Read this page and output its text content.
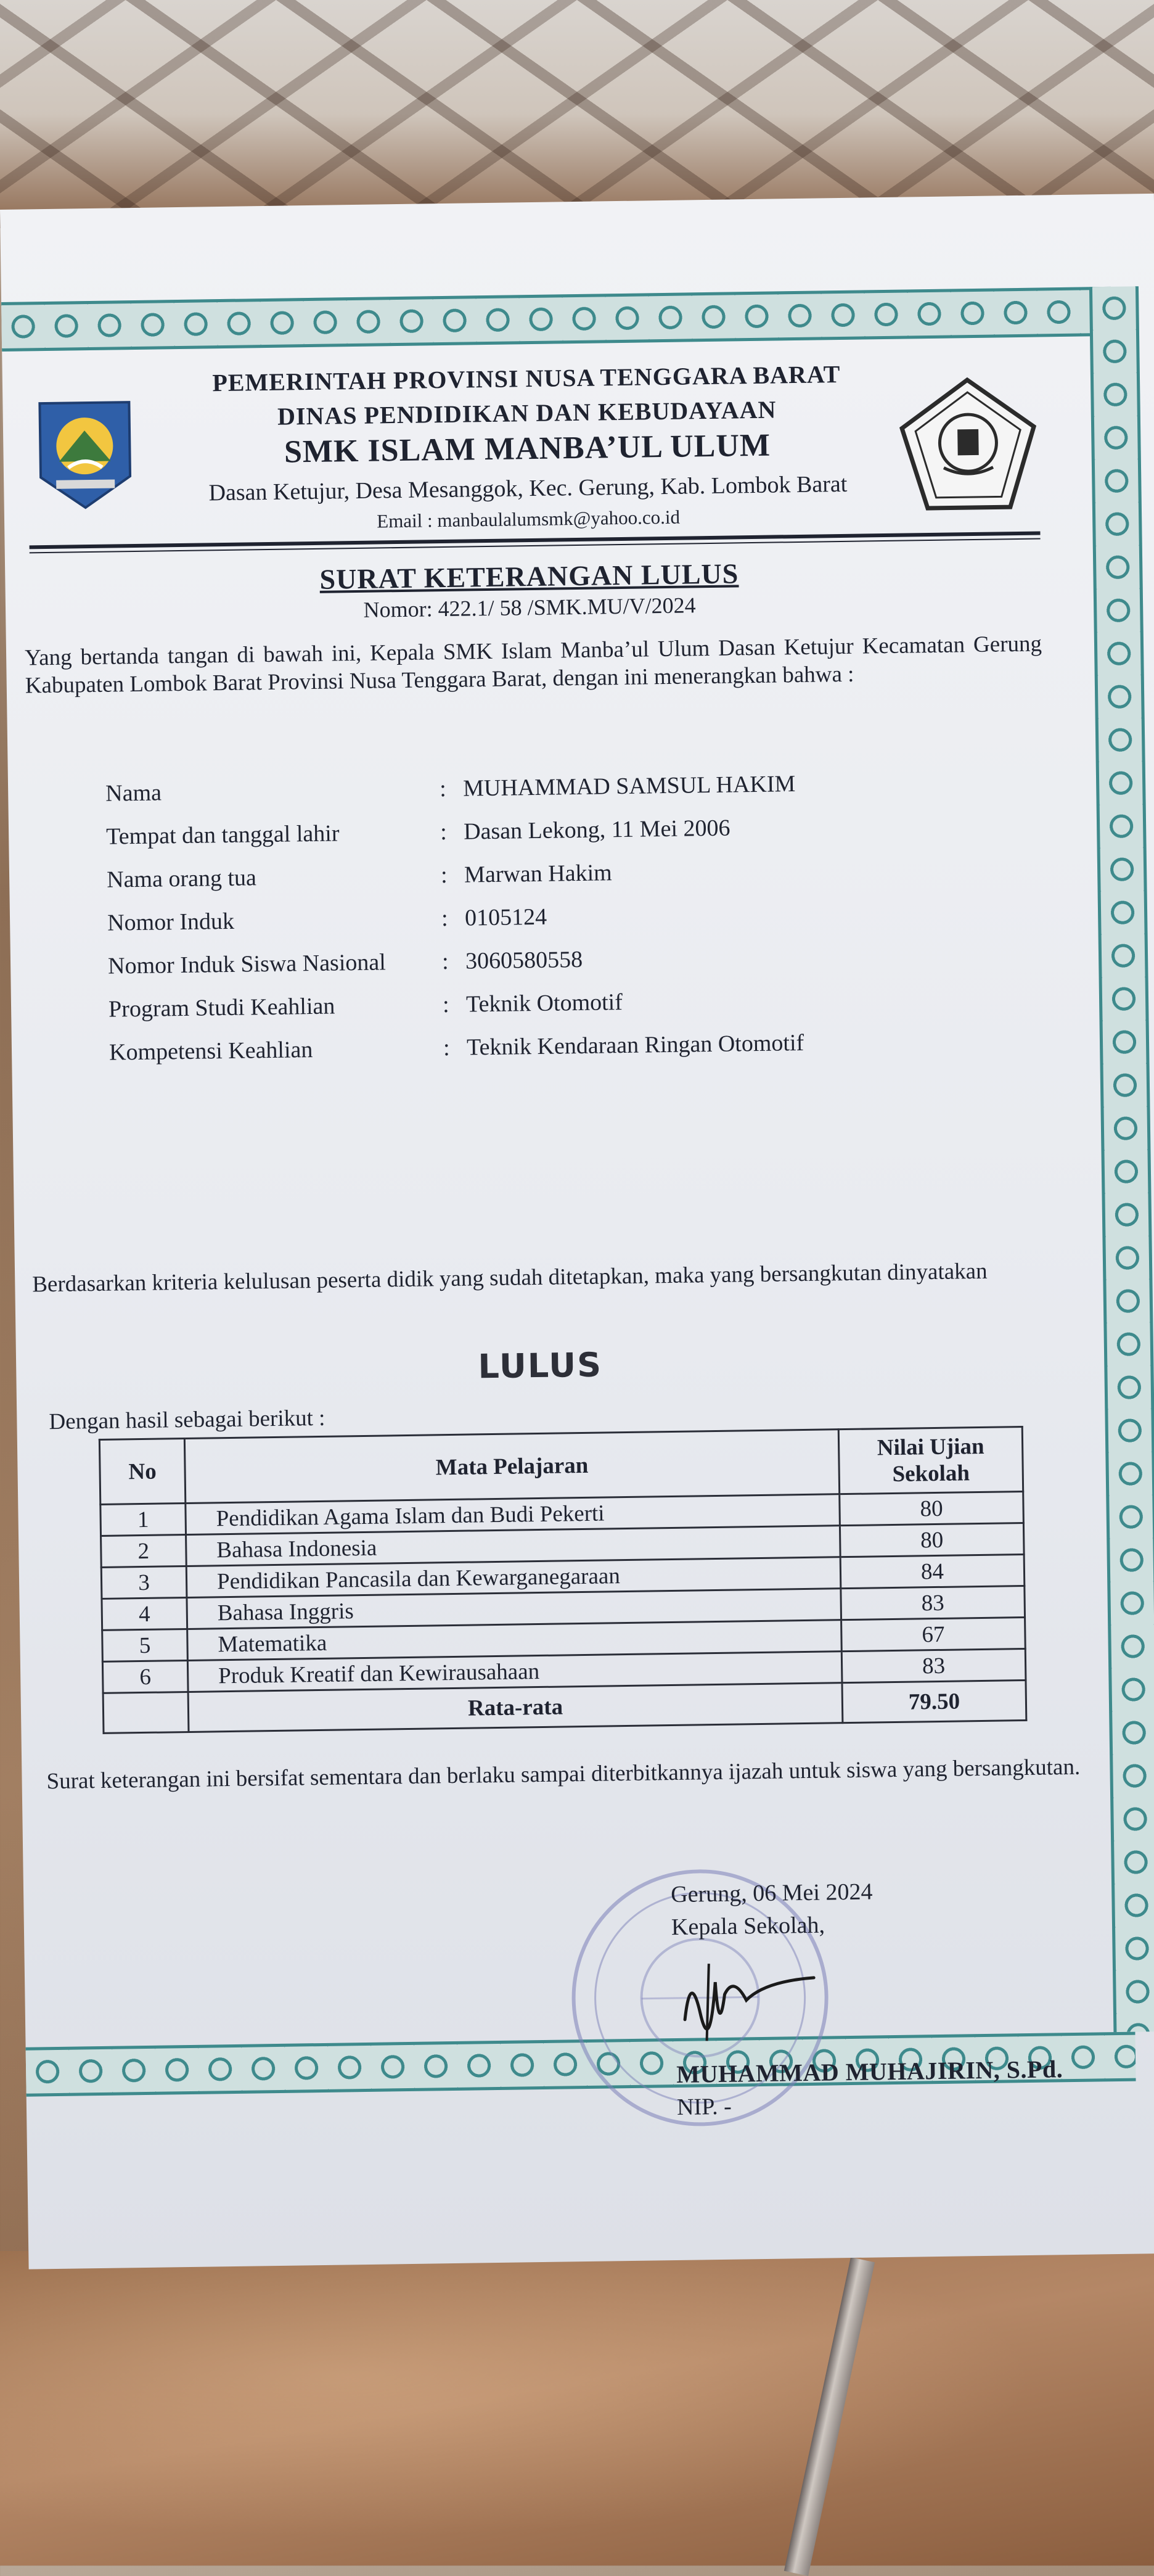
PEMERINTAH PROVINSI NUSA TENGGARA BARAT
DINAS PENDIDIKAN DAN KEBUDAYAAN
SMK ISLAM MANBA’UL ULUM
Dasan Ketujur, Desa Mesanggok, Kec. Gerung, Kab. Lombok Barat
Email : manbaulalumsmk@yahoo.co.id
SURAT KETERANGAN LULUS
Nomor: 422.1/ 58 /SMK.MU/V/2024
Yang bertanda tangan di bawah ini, Kepala SMK Islam Manba’ul Ulum Dasan Ketujur Kecamatan Gerung Kabupaten Lombok Barat Provinsi Nusa Tenggara Barat, dengan ini menerangkan bahwa :
Nama	: MUHAMMAD SAMSUL HAKIM
Tempat dan tanggal lahir	: Dasan Lekong, 11 Mei 2006
Nama orang tua	: Marwan Hakim
Nomor Induk	: 0105124
Nomor Induk Siswa Nasional : 3060580558
Program Studi Keahlian	: Teknik Otomotif
Kompetensi Keahlian	: Teknik Kendaraan Ringan Otomotif
Berdasarkan kriteria kelulusan peserta didik yang sudah ditetapkan, maka yang bersangkutan dinyatakan
LULUS
Dengan hasil sebagai berikut :
No	Mata Pelajaran	Nilai Ujian
Sekolah

1	Pendidikan Agama Islam dan Budi Pekerti	80
2	Bahasa Indonesia	80
3	Pendidikan Pancasila dan Kewarganegaraan	84
4	Bahasa Inggris	83
5	Matematika	67
6	Produk Kreatif dan Kewirausahaan	83
	Rata-rata	79.50
Surat keterangan ini bersifat sementara dan berlaku sampai diterbitkannya ijazah untuk siswa yang bersangkutan.
Gerung, 06 Mei 2024
Kepala Sekolah,
MUHAMMAD MUHAJIRIN, S.Pd.
NIP. -
